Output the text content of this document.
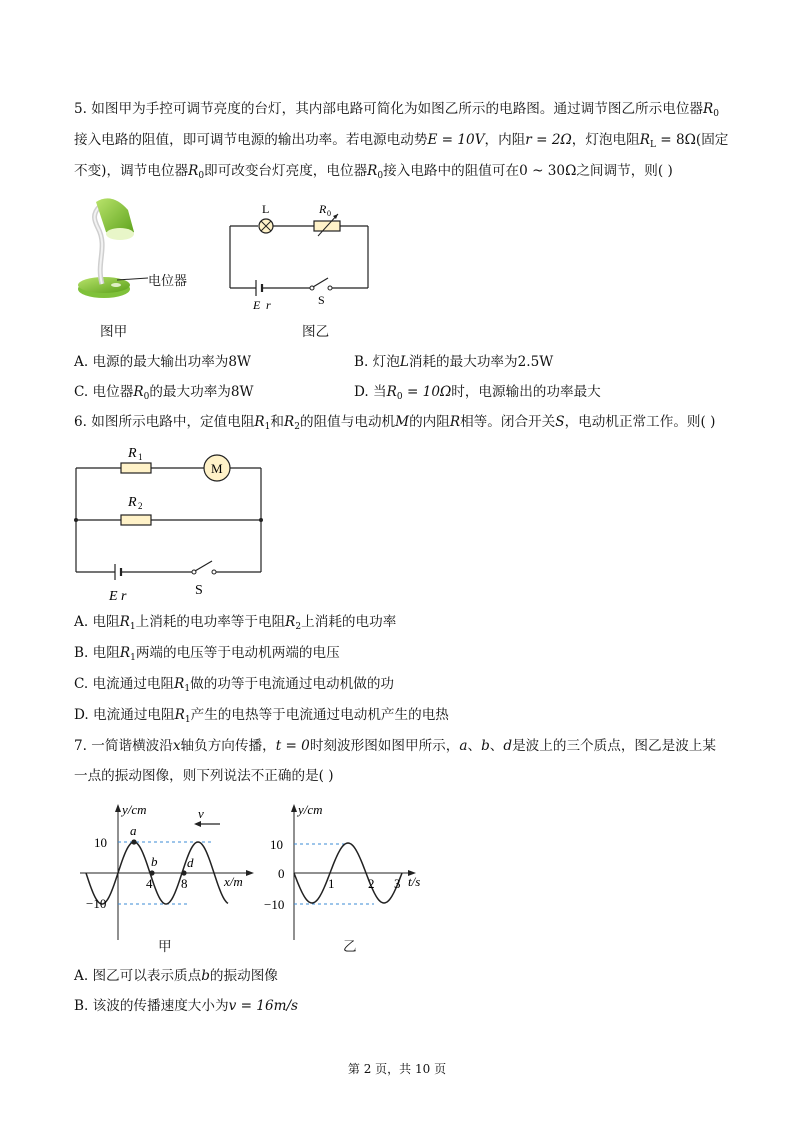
5. 如图甲为手控可调节亮度的台灯，其内部电路可简化为如图乙所示的电路图。通过调节图乙所示电位器$R_0$
接入电路的阻值，即可调节电源的输出功率。若电源电动势E = 10V，内阻r = 2Ω，灯泡电阻$R_L = 8\Omega$(固定
不变)，调节电位器$R_0$即可改变台灯亮度，电位器$R_0$接入电路中的阻值可在0 ~ 30Ω之间调节，则( )
电位器
图甲
L	R 0
E r	S
图乙
A. 电源的最大输出功率为8W	B. 灯泡L消耗的最大功率为2.5W
C. 电位器$R_0$的最大功率为8W	D. 当$R_0 = 10\Omega$时，电源输出的功率最大
6. 如图所示电路中，定值电阻$R_1$和$R_2$的阻值与电动机M的内阻R相等。闭合开关S，电动机正常工作。则( )
R 1
M
R 2
E r	S
A. 电阻$R_1$上消耗的电功率等于电阻$R_2$上消耗的电功率
B. 电阻$R_1$两端的电压等于电动机两端的电压
C. 电流通过电阻$R_1$做的功等于电流通过电动机做的功
D. 电流通过电阻$R_1$产生的电热等于电流通过电动机产生的电热
7. 一简谐横波沿x轴负方向传播，t = 0时刻波形图如图甲所示，a、b、d是波上的三个质点，图乙是波上某
一点的振动图像，则下列说法不正确的是( )
y/cm	v
10
−10
4 8
a
b d
x/m
甲
y/cm
10
0
−10
1	2 3 t/s
乙
A. 图乙可以表示质点b的振动图像
B. 该波的传播速度大小为v = 16m/s
第 2 页，共 10 页
